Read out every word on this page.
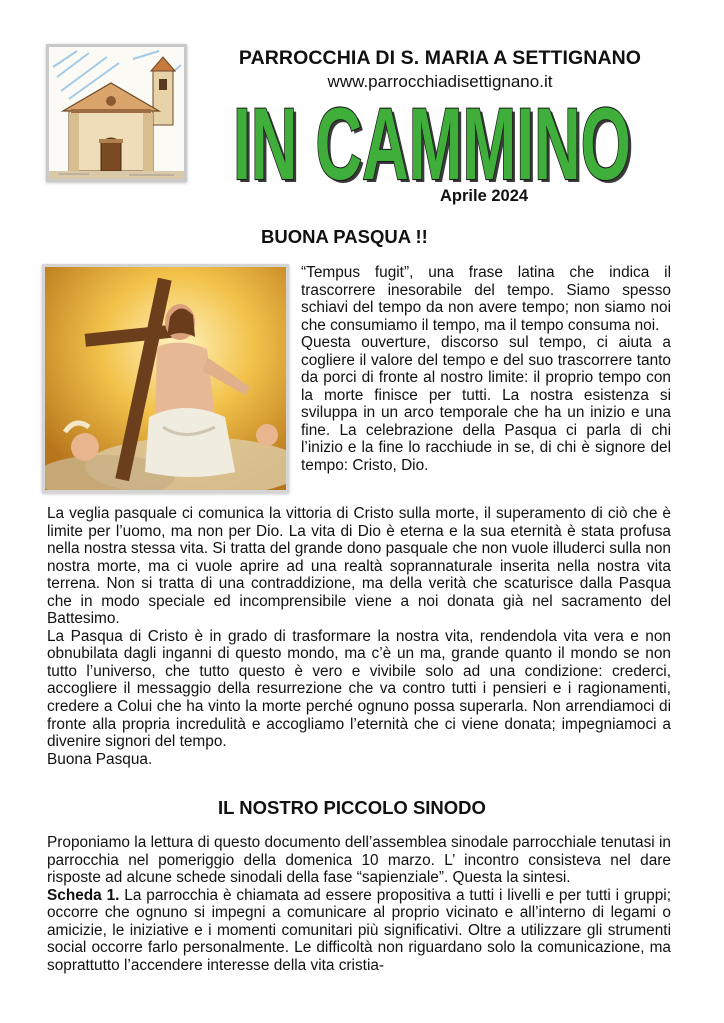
PARROCCHIA DI S. MARIA A SETTIGNANO
www.parrocchiadisettignano.it
IN CAMMINO
IN CAMMINO
Aprile 2024
BUONA PASQUA !!

“Tempus fugit”, una frase latina che indica il trascorrere inesorabile del tempo. Siamo spesso schiavi del tempo da non avere tempo; non siamo noi che consumiamo il tempo, ma il tempo consuma noi.

Questa ouverture, discorso sul tempo, ci aiuta a cogliere il valore del tempo e del suo trascorrere tanto da porci di fronte al nostro limite: il proprio tempo con la morte finisce per tutti. La nostra esistenza si sviluppa in un arco temporale che ha un inizio e una fine. La celebrazione della Pasqua ci parla di chi l’inizio e la fine lo racchiude in se, di chi è signore del tempo: Cristo, Dio.

La veglia pasquale ci comunica la vittoria di Cristo sulla morte, il superamento di ciò che è limite per l’uomo, ma non per Dio. La vita di Dio è eterna e la sua eternità è stata profusa nella nostra stessa vita. Si tratta del grande dono pasquale che non vuole illuderci sulla non nostra morte, ma ci vuole aprire ad una realtà soprannaturale inserita nella nostra vita terrena. Non si tratta di una contraddizione, ma della verità che scaturisce dalla Pasqua che in modo speciale ed incomprensibile viene a noi donata già nel sacramento del Battesimo.

La Pasqua di Cristo è in grado di trasformare la nostra vita, rendendola vita vera e non obnubilata dagli inganni di questo mondo, ma c’è un ma, grande quanto il mondo se non tutto l’universo, che tutto questo è vero e vivibile solo ad una condizione: crederci, accogliere il messaggio della resurrezione che va contro tutti i pensieri e i ragionamenti, credere a Colui che ha vinto la morte perché ognuno possa superarla. Non arrendiamoci di fronte alla propria incredulità e accogliamo l’eternità che ci viene donata; impegniamoci a divenire signori del tempo.

Buona Pasqua.

IL NOSTRO PICCOLO SINODO

Proponiamo la lettura di questo documento dell’assemblea sinodale parrocchiale tenutasi in parrocchia nel pomeriggio della domenica 10 marzo. L’ incontro consisteva nel dare risposte ad alcune schede sinodali della fase “sapienziale”. Questa la sintesi.

Scheda 1. La parrocchia è chiamata ad essere propositiva a tutti i livelli e per tutti i gruppi; occorre che ognuno si impegni a comunicare al proprio vicinato e all’interno di legami o amicizie, le iniziative e i momenti comunitari più significativi. Oltre a utilizzare gli strumenti social occorre farlo personalmente. Le difficoltà non riguardano solo la comunicazione, ma soprattutto l’accendere interesse della vita cristia-
